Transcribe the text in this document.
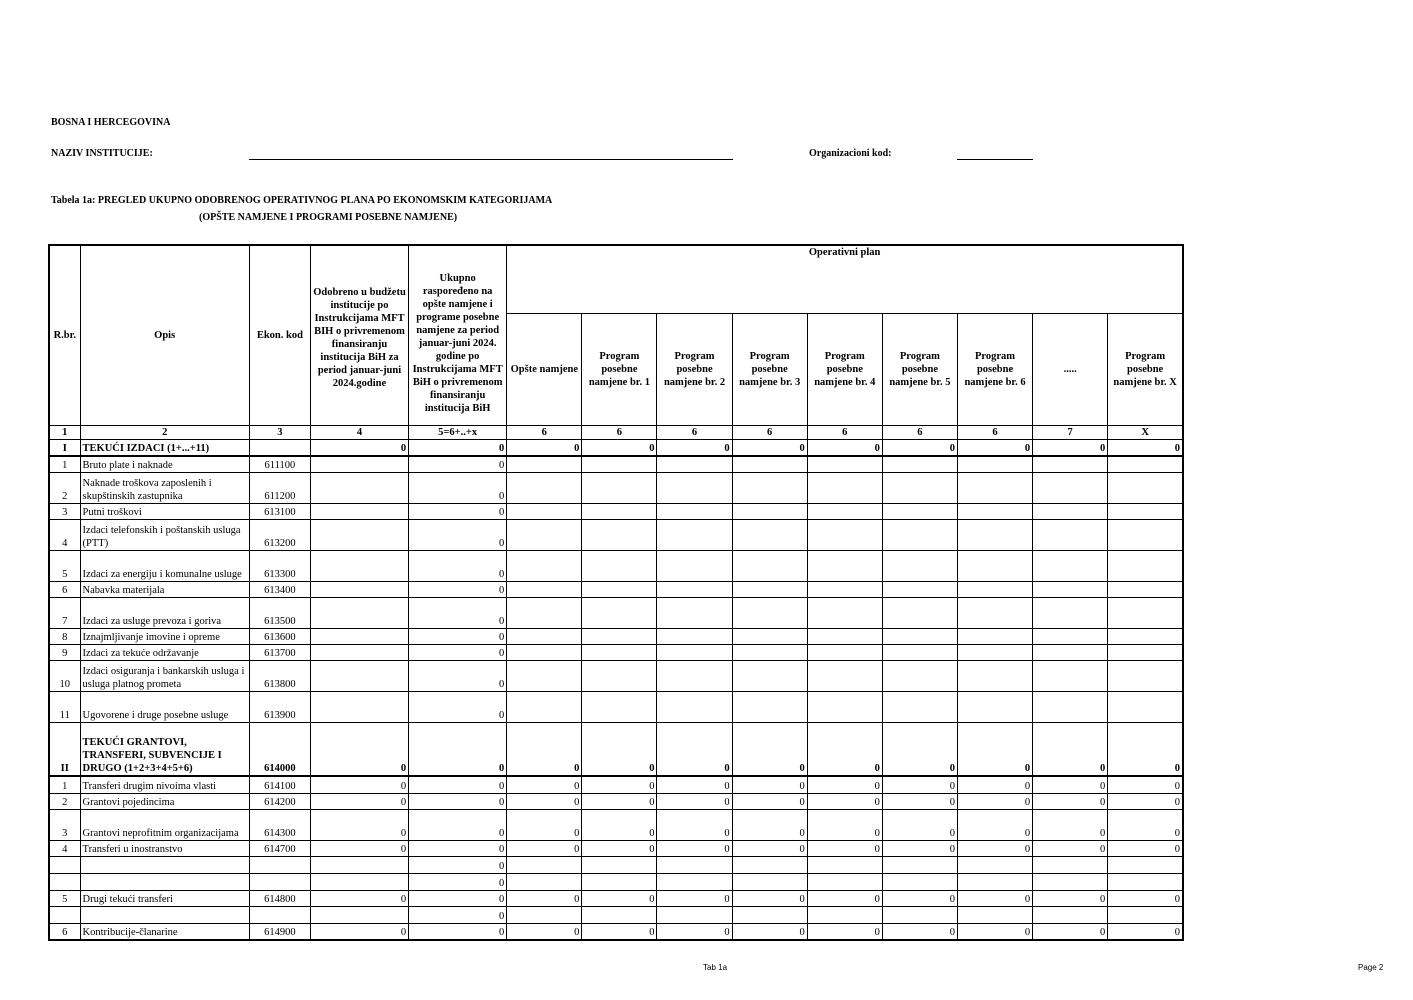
BOSNA I HERCEGOVINA
NAZIV INSTITUCIJE:	Organizacioni kod:
Tabela 1a: PREGLED UKUPNO ODOBRENOG OPERATIVNOG PLANA PO EKONOMSKIM KATEGORIJAMA
(OPŠTE NAMJENE I PROGRAMI POSEBNE NAMJENE)
R.br.	Opis	Ekon. kod	Odobreno u budžetu institucije po Instrukcijama MFT BIH o privremenom finansiranju institucija BiH za period januar-juni 2024.godine	Ukupno raspoređeno na opšte namjene i programe posebne namjene za period januar-juni 2024. godine po Instrukcijama MFT BiH o privremenom finansiranju institucija BiH	Operativni plan								
					Opšte namjene	Program posebne namjene br. 1	Program posebne namjene br. 2	Program posebne namjene br. 3	Program posebne namjene br. 4	Program posebne namjene br. 5	Program posebne namjene br. 6	.....	Program posebne namjene br. X
1	2	3	4	5=6+..+x	6	6	6	6	6	6	6	7	X
I	TEKUĆI IZDACI (1+...+11)		0	0	0	0	0	0	0	0	0	0	0
1	Bruto plate i naknade	611100		0									
2	Naknade troškova zaposlenih i skupštinskih zastupnika	611200		0									
3	Putni troškovi	613100		0									
4	Izdaci telefonskih i poštanskih usluga (PTT)	613200		0									
5	Izdaci za energiju i komunalne usluge	613300		0									
6	Nabavka materijala	613400		0									
7	Izdaci za usluge prevoza i goriva	613500		0									
8	Iznajmljivanje imovine i opreme	613600		0									
9	Izdaci za tekuće održavanje	613700		0									
10	Izdaci osiguranja i bankarskih usluga i usluga platnog prometa	613800		0									
11	Ugovorene i druge posebne usluge	613900		0									
II	TEKUĆI GRANTOVI, TRANSFERI, SUBVENCIJE I DRUGO (1+2+3+4+5+6)	614000	0	0	0	0	0	0	0	0	0	0	0
1	Transferi drugim nivoima vlasti	614100	0	0	0	0	0	0	0	0	0	0	0
2	Grantovi pojedincima	614200	0	0	0	0	0	0	0	0	0	0	0
3	Grantovi neprofitnim organizacijama	614300	0	0	0	0	0	0	0	0	0	0	0
4	Transferi u inostranstvo	614700	0	0	0	0	0	0	0	0	0	0	0
				0									
				0									
5	Drugi tekući transferi	614800	0	0	0	0	0	0	0	0	0	0	0
				0									
6	Kontribucije-članarine	614900	0	0	0	0	0	0	0	0	0	0	0
Tab 1a	Page 2
